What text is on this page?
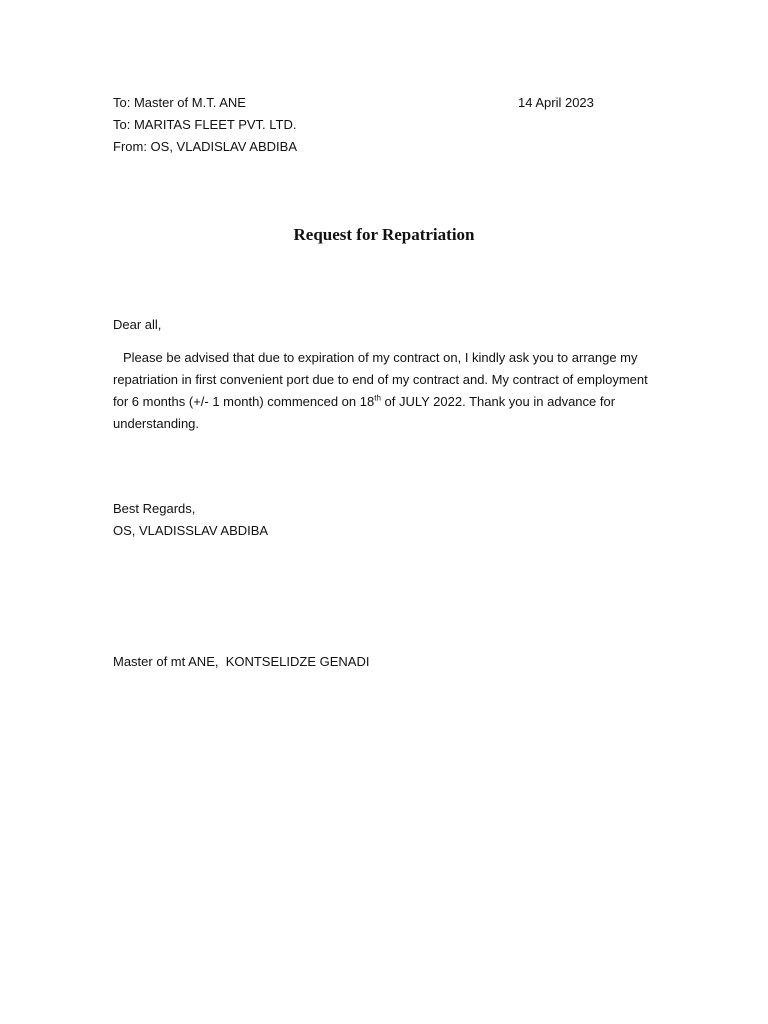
To: Master of M.T. ANE	14 April 2023
To: MARITAS FLEET PVT. LTD.
From: OS, VLADISLAV ABDIBA
Request for Repatriation
Dear all,
Please be advised that due to expiration of my contract on, I kindly ask you to arrange my repatriation in first convenient port due to end of my contract and. My contract of employment for 6 months (+/- 1 month) commenced on 18th of JULY 2022. Thank you in advance for understanding.
Best Regards,
OS, VLADISSLAV ABDIBA
Master of mt ANE,  KONTSELIDZE GENADI
